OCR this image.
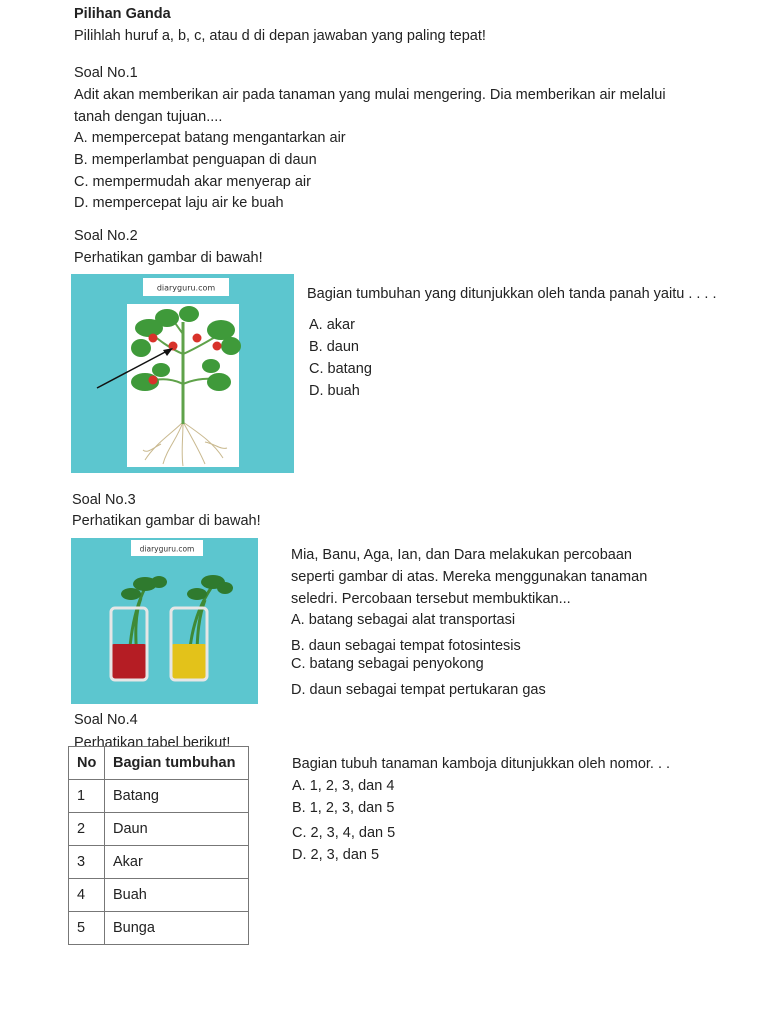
Pilihan Ganda
Pilihlah huruf a, b, c, atau d di depan jawaban yang paling tepat!
Soal No.1
Adit akan memberikan air pada tanaman yang mulai mengering. Dia memberikan air melalui
tanah dengan tujuan....
A. mempercepat batang mengantarkan air
B. memperlambat penguapan di daun
C. mempermudah akar menyerap air
D. mempercepat laju air ke buah
Soal No.2
Perhatikan gambar di bawah!
diaryguru.com	Bagian tumbuhan yang ditunjukkan oleh tanda panah yaitu . . . .
A. akar
B. daun
C. batang
D. buah
Soal No.3
Perhatikan gambar di bawah!
diaryguru.com	Mia, Banu, Aga, Ian, dan Dara melakukan percobaan
seperti gambar di atas. Mereka menggunakan tanaman
seledri. Percobaan tersebut membuktikan...
A. batang sebagai alat transportasi
B. daun sebagai tempat fotosintesis
C. batang sebagai penyokong
D. daun sebagai tempat pertukaran gas
Soal No.4
Perhatikan tabel berikut!
No	Bagian tumbuhan
1	Batang
2	Daun
3	Akar
4	Buah
5	Bunga
Bagian tubuh tanaman kamboja ditunjukkan oleh nomor. . .
A. 1, 2, 3, dan 4
B. 1, 2, 3, dan 5
C. 2, 3, 4, dan 5
D. 2, 3, dan 5
